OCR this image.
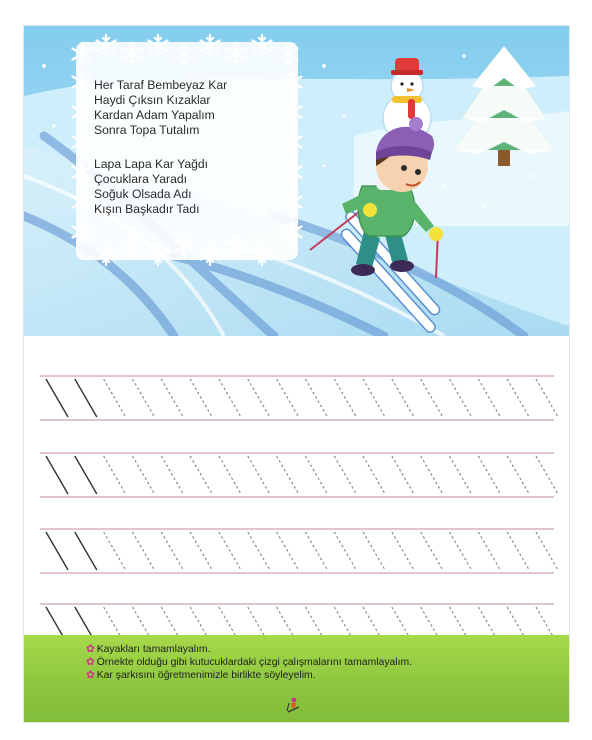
Her Taraf Bembeyaz Kar
Haydi Çıksın Kızaklar
Kardan Adam Yapalım
Sonra Topa Tutalım
Lapa Lapa Kar Yağdı
Çocuklara Yaradı
Soğuk Olsada Adı
Kışın Başkadır Tadı
✿ Kayakları tamamlayalım.
✿ Örnekte olduğu gibi kutucuklardaki çizgi çalışmalarını tamamlayalım.
✿ Kar şarkısını öğretmenimizle birlikte söyleyelim.
